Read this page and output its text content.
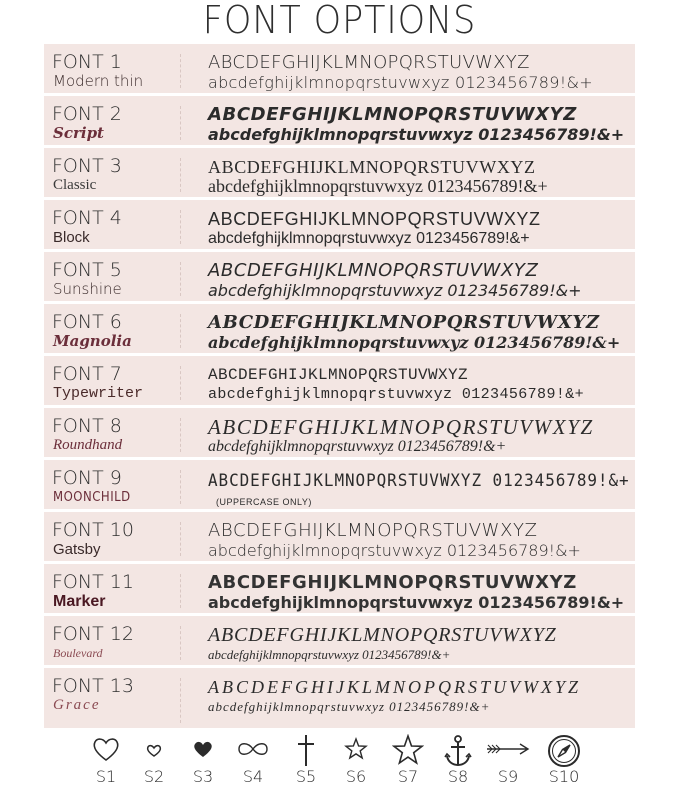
FONT OPTIONS
FONT 1
Modern thin
ABCDEFGHIJKLMNOPQRSTUVWXYZ
abcdefghijklmnopqrstuvwxyz 0123456789!&+
FONT 2
Script
ABCDEFGHIJKLMNOPQRSTUVWXYZ
abcdefghijklmnopqrstuvwxyz 0123456789!&+
FONT 3
Classic
ABCDEFGHIJKLMNOPQRSTUVWXYZ
abcdefghijklmnopqrstuvwxyz 0123456789!&+
FONT 4
Block
ABCDEFGHIJKLMNOPQRSTUVWXYZ
abcdefghijklmnopqrstuvwxyz 0123456789!&+
FONT 5
Sunshine
ABCDEFGHIJKLMNOPQRSTUVWXYZ
abcdefghijklmnopqrstuvwxyz 0123456789!&+
FONT 6
Magnolia
ABCDEFGHIJKLMNOPQRSTUVWXYZ
abcdefghijklmnopqrstuvwxyz 0123456789!&+
FONT 7
Typewriter
ABCDEFGHIJKLMNOPQRSTUVWXYZ
abcdefghijklmnopqrstuvwxyz 0123456789!&+
FONT 8
Roundhand
ABCDEFGHIJKLMNOPQRSTUVWXYZ
abcdefghijklmnopqrstuvwxyz 0123456789!&+
FONT 9
MOONCHILD
ABCDEFGHIJKLMNOPQRSTUVWXYZ 0123456789!&+
(UPPERCASE ONLY)
FONT 10
Gatsby
ABCDEFGHIJKLMNOPQRSTUVWXYZ
abcdefghijklmnopqrstuvwxyz 0123456789!&+
FONT 11
Marker
ABCDEFGHIJKLMNOPQRSTUVWXYZ
abcdefghijklmnopqrstuvwxyz 0123456789!&+
FONT 12
Boulevard
ABCDEFGHIJKLMNOPQRSTUVWXYZ
abcdefghijklmnopqrstuvwxyz 0123456789!&+
FONT 13
Grace
ABCDEFGHIJKLMNOPQRSTUVWXYZ
abcdefghijklmnopqrstuvwxyz 0123456789!&+
S1	S2	S3	S4	S5	S6	S7	S8	S9	S10
